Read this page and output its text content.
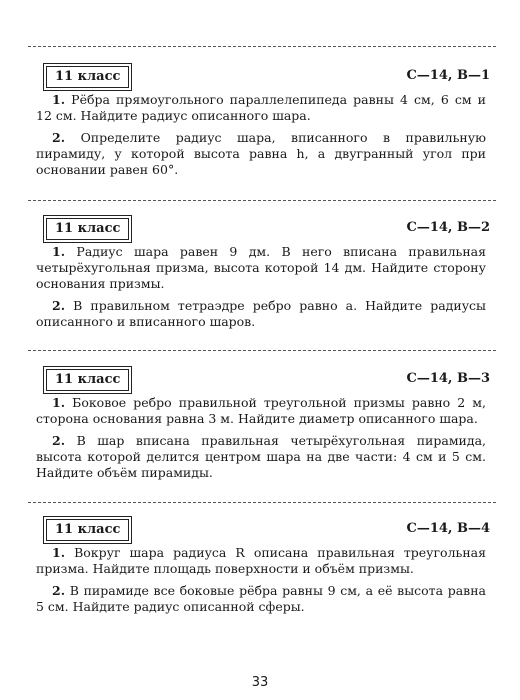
11 класс	С—14, В—1

1. Рёбра прямоугольного параллелепипеда равны 4 см, 6 см и 12 см. Найдите радиус описанного шара.

2. Определите радиус шара, вписанного в правильную пирамиду, у которой высота равна h, а двугранный угол при основании равен 60°.

11 класс	С—14, В—2

1. Радиус шара равен 9 дм. В него вписана правильная четырёхугольная призма, высота которой 14 дм. Найдите сторону основания призмы.

2. В правильном тетраэдре ребро равно a. Найдите радиусы описанного и вписанного шаров.

11 класс	С—14, В—3

1. Боковое ребро правильной треугольной призмы равно 2 м, сторона основания равна 3 м. Найдите диаметр описанного шара.

2. В шар вписана правильная четырёхугольная пирамида, высота которой делится центром шара на две части: 4 см и 5 см. Найдите объём пирамиды.

11 класс	С—14, В—4

1. Вокруг шара радиуса R описана правильная треугольная призма. Найдите площадь поверхности и объём призмы.

2. В пирамиде все боковые рёбра равны 9 см, а её высота равна 5 см. Найдите радиус описанной сферы.

33
